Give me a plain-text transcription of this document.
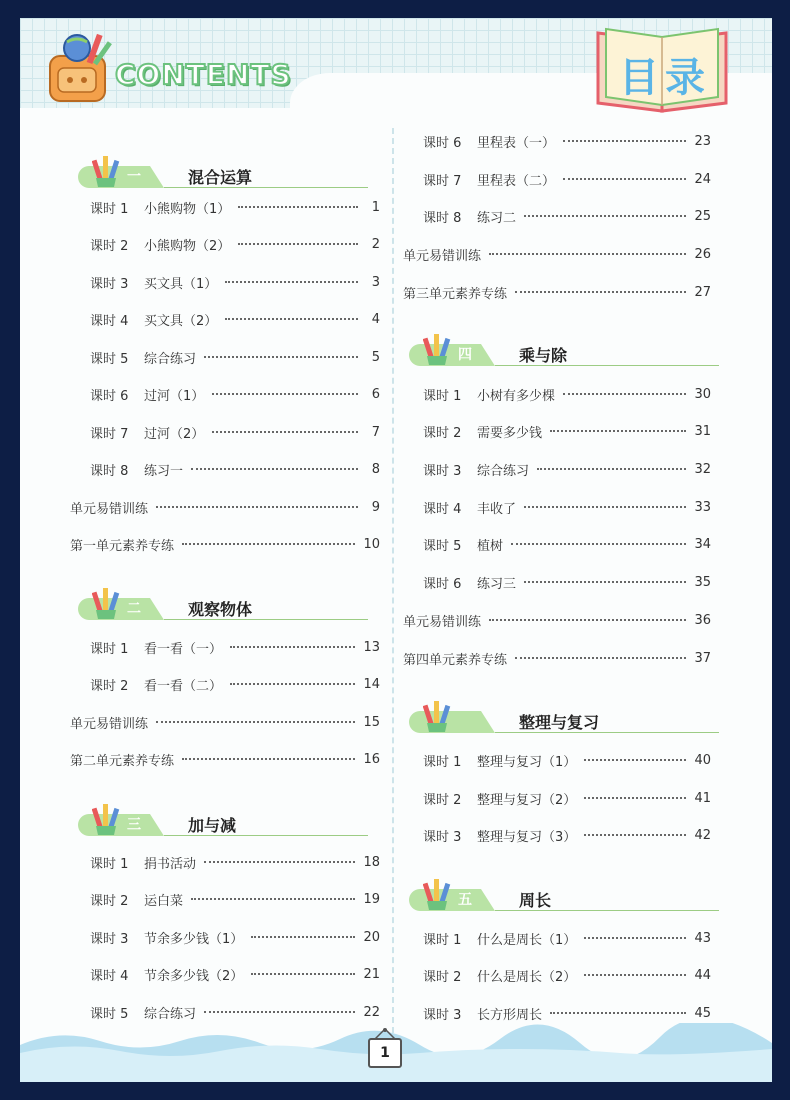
CONTENTS	目录
一	混合运算
课时 1	小熊购物（1）	1
课时 2	小熊购物（2）	2
课时 3	买文具（1）	3
课时 4	买文具（2）	4
课时 5	综合练习	5
课时 6	过河（1）	6
课时 7	过河（2）	7
课时 8	练习一	8
单元易错训练	9
第一单元素养专练	10
二	观察物体
课时 1	看一看（一）	13
课时 2	看一看（二）	14
单元易错训练	15
第二单元素养专练	16
三	加与减
课时 1	捐书活动	18
课时 2	运白菜	19
课时 3	节余多少钱（1）	20
课时 4	节余多少钱（2）	21
课时 5	综合练习	22
课时 6	里程表（一）	23
课时 7	里程表（二）	24
课时 8	练习二	25
单元易错训练	26
第三单元素养专练	27
四	乘与除
课时 1	小树有多少棵	30
课时 2	需要多少钱	31
课时 3	综合练习	32
课时 4	丰收了	33
课时 5	植树	34
课时 6	练习三	35
单元易错训练	36
第四单元素养专练	37
整理与复习
课时 1	整理与复习（1）	40
课时 2	整理与复习（2）	41
课时 3	整理与复习（3）	42
五	周长
课时 1	什么是周长（1）	43
课时 2	什么是周长（2）	44
课时 3	长方形周长	45
1
